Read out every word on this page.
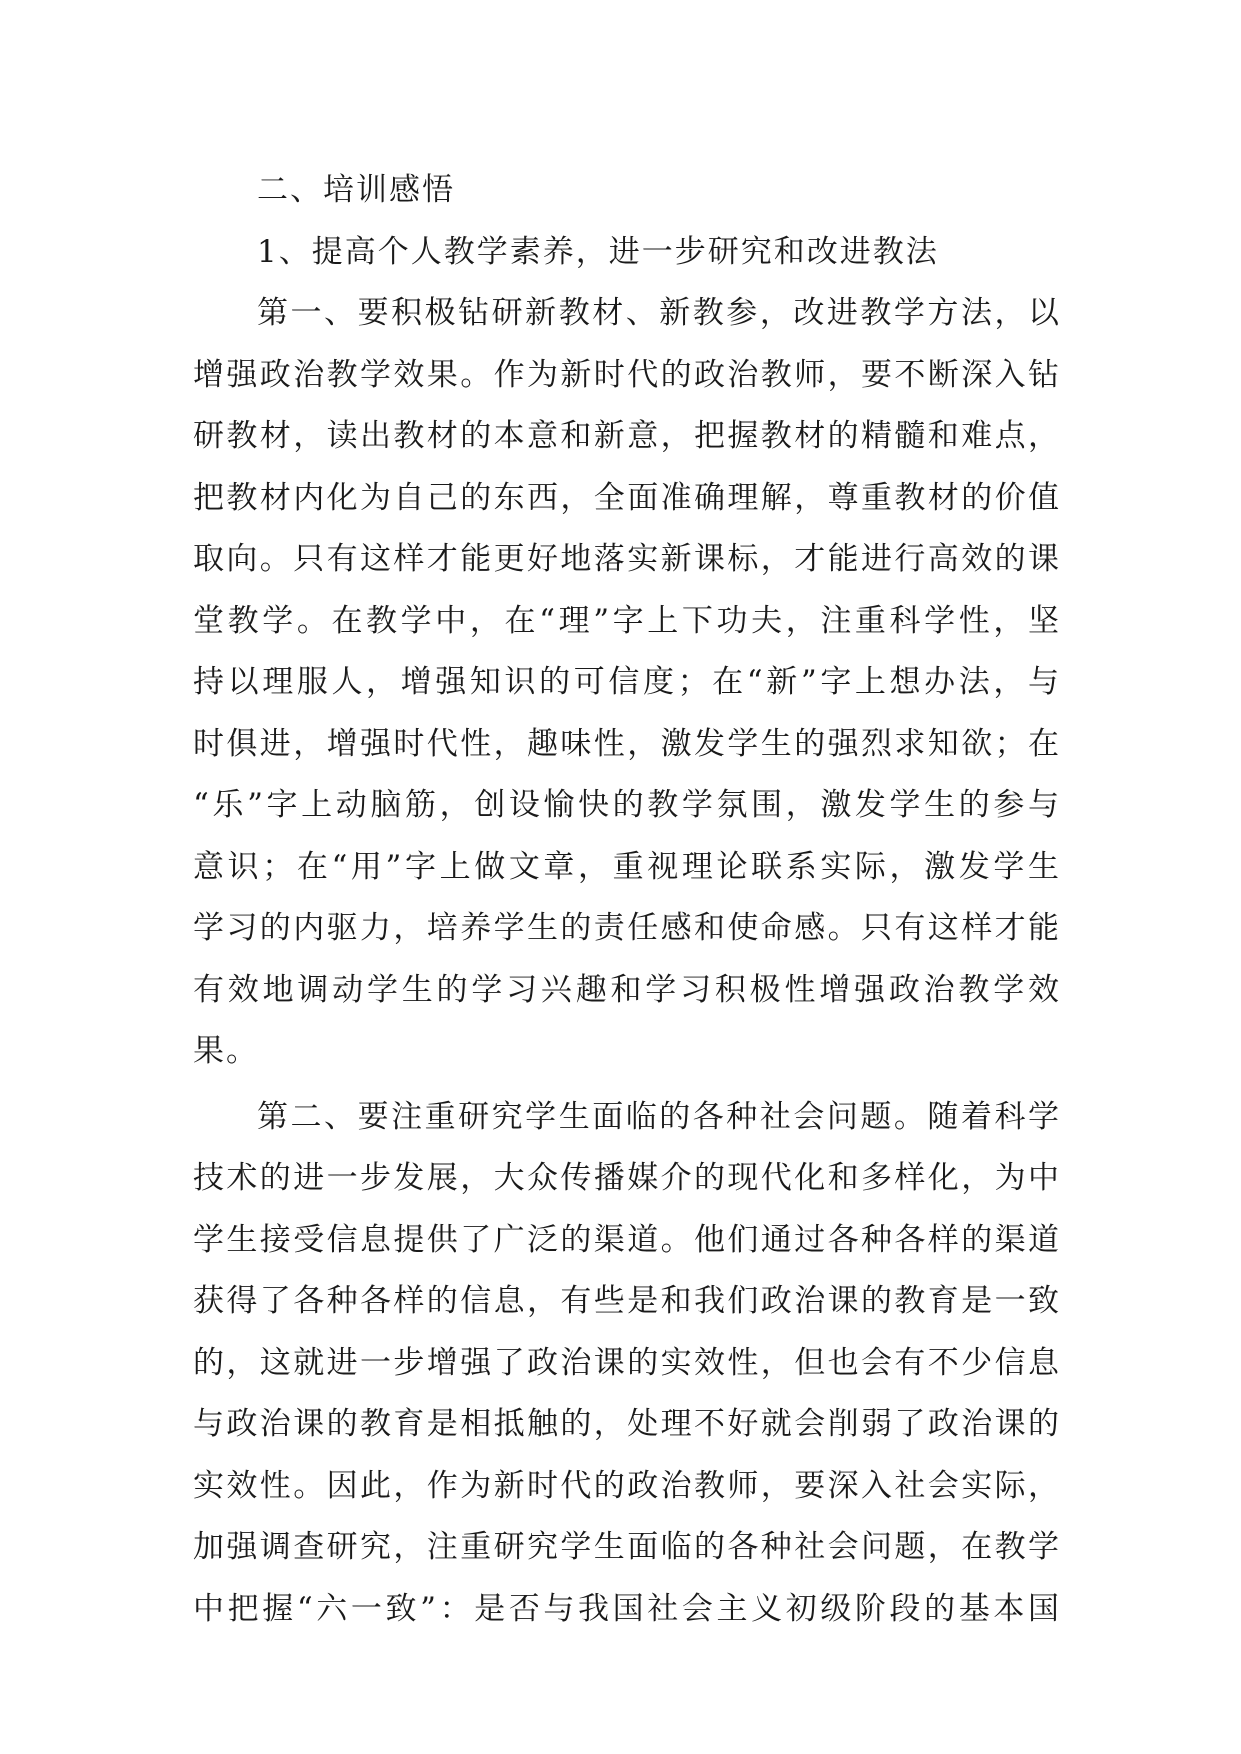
二、培训感悟
1、提高个人教学素养，进一步研究和改进教法
第一、要积极钻研新教材、新教参，改进教学方法，以
增强政治教学效果。作为新时代的政治教师，要不断深入钻
研教材，读出教材的本意和新意，把握教材的精髓和难点，
把教材内化为自己的东西，全面准确理解，尊重教材的价值
取向。只有这样才能更好地落实新课标，才能进行高效的课
堂教学。在教学中，在“理”字上下功夫，注重科学性，坚
持以理服人，增强知识的可信度；在“新”字上想办法，与
时俱进，增强时代性，趣味性，激发学生的强烈求知欲；在
“乐”字上动脑筋，创设愉快的教学氛围，激发学生的参与
意识；在“用”字上做文章，重视理论联系实际，激发学生
学习的内驱力，培养学生的责任感和使命感。只有这样才能
有效地调动学生的学习兴趣和学习积极性增强政治教学效
果。
第二、要注重研究学生面临的各种社会问题。随着科学
技术的进一步发展，大众传播媒介的现代化和多样化，为中
学生接受信息提供了广泛的渠道。他们通过各种各样的渠道
获得了各种各样的信息，有些是和我们政治课的教育是一致
的，这就进一步增强了政治课的实效性，但也会有不少信息
与政治课的教育是相抵触的，处理不好就会削弱了政治课的
实效性。因此，作为新时代的政治教师，要深入社会实际，
加强调查研究，注重研究学生面临的各种社会问题，在教学
中把握“六一致”：是否与我国社会主义初级阶段的基本国
